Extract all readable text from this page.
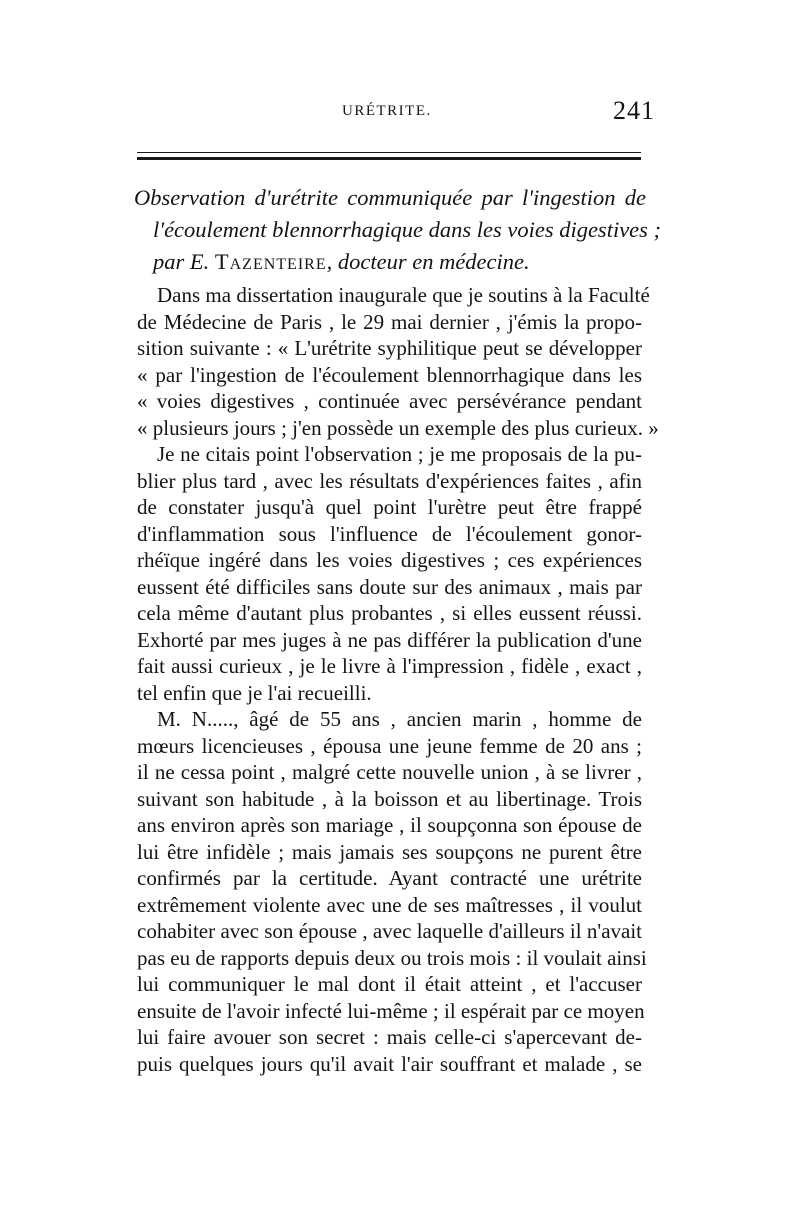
URÉTRITE.	241
Observation d'urétrite communiquée par l'ingestion de
l'écoulement blennorrhagique dans les voies digestives ;
par E. Tazenteire, docteur en médecine.
Dans ma dissertation inaugurale que je soutins à la Faculté
de Médecine de Paris , le 29 mai dernier , j'émis la propo-
sition suivante : « L'urétrite syphilitique peut se développer
« par l'ingestion de l'écoulement blennorrhagique dans les
« voies digestives , continuée avec persévérance pendant
« plusieurs jours ; j'en possède un exemple des plus curieux. »
Je ne citais point l'observation ; je me proposais de la pu-
blier plus tard , avec les résultats d'expériences faites , afin
de constater jusqu'à quel point l'urètre peut être frappé
d'inflammation sous l'influence de l'écoulement gonor-
rhéïque ingéré dans les voies digestives ; ces expériences
eussent été difficiles sans doute sur des animaux , mais par
cela même d'autant plus probantes , si elles eussent réussi.
Exhorté par mes juges à ne pas différer la publication d'une
fait aussi curieux , je le livre à l'impression , fidèle , exact ,
tel enfin que je l'ai recueilli.
M. N....., âgé de 55 ans , ancien marin , homme de
mœurs licencieuses , épousa une jeune femme de 20 ans ;
il ne cessa point , malgré cette nouvelle union , à se livrer ,
suivant son habitude , à la boisson et au libertinage. Trois
ans environ après son mariage , il soupçonna son épouse de
lui être infidèle ; mais jamais ses soupçons ne purent être
confirmés par la certitude. Ayant contracté une urétrite
extrêmement violente avec une de ses maîtresses , il voulut
cohabiter avec son épouse , avec laquelle d'ailleurs il n'avait
pas eu de rapports depuis deux ou trois mois : il voulait ainsi
lui communiquer le mal dont il était atteint , et l'accuser
ensuite de l'avoir infecté lui-même ; il espérait par ce moyen
lui faire avouer son secret : mais celle-ci s'apercevant de-
puis quelques jours qu'il avait l'air souffrant et malade , se
